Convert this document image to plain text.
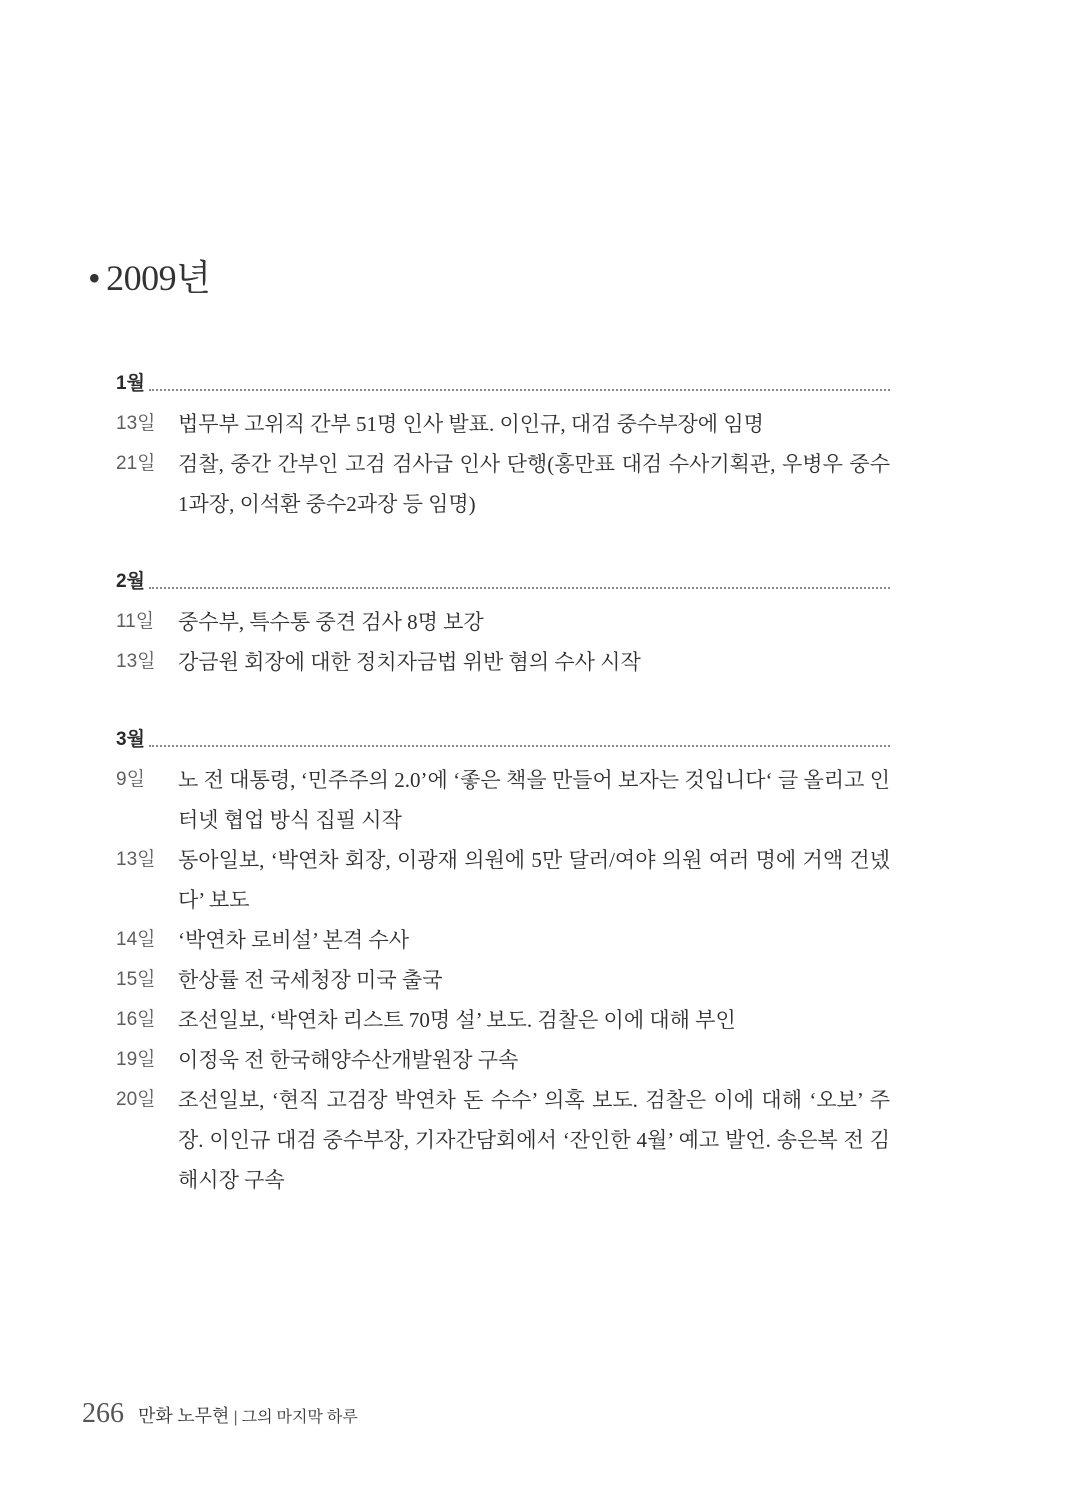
• 2009년
1월
13일	법무부 고위직 간부 51명 인사 발표. 이인규, 대검 중수부장에 임명
21일	검찰, 중간 간부인 고검 검사급 인사 단행(홍만표 대검 수사기획관, 우병우 중수 1과장, 이석환 중수2과장 등 임명)
2월
11일	중수부, 특수통 중견 검사 8명 보강
13일	강금원 회장에 대한 정치자금법 위반 혐의 수사 시작
3월
9일	노 전 대통령, ‘민주주의 2.0’에 ‘좋은 책을 만들어 보자는 것입니다‘ 글 올리고 인터넷 협업 방식 집필 시작
13일	동아일보, ‘박연차 회장, 이광재 의원에 5만 달러/여야 의원 여러 명에 거액 건넸다’ 보도
14일	‘박연차 로비설’ 본격 수사
15일	한상률 전 국세청장 미국 출국
16일	조선일보, ‘박연차 리스트 70명 설’ 보도. 검찰은 이에 대해 부인
19일	이정욱 전 한국해양수산개발원장 구속
20일	조선일보, ‘현직 고검장 박연차 돈 수수’ 의혹 보도. 검찰은 이에 대해 ‘오보’ 주장. 이인규 대검 중수부장, 기자간담회에서 ‘잔인한 4월’ 예고 발언. 송은복 전 김해시장 구속
266 만화 노무현 | 그의 마지막 하루
